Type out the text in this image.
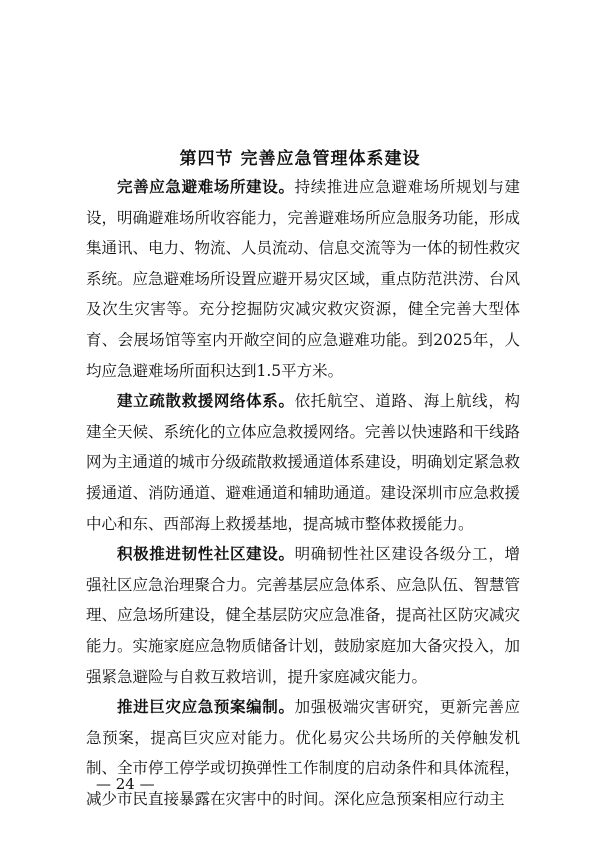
第四节 完善应急管理体系建设

完善应急避难场所建设。持续推进应急避难场所规划与建设，明确避难场所收容能力，完善避难场所应急服务功能，形成集通讯、电力、物流、人员流动、信息交流等为一体的韧性救灾系统。应急避难场所设置应避开易灾区域，重点防范洪涝、台风及次生灾害等。充分挖掘防灾减灾救灾资源，健全完善大型体育、会展场馆等室内开敞空间的应急避难功能。到2025年，人均应急避难场所面积达到1.5平方米。

建立疏散救援网络体系。依托航空、道路、海上航线，构建全天候、系统化的立体应急救援网络。完善以快速路和干线路网为主通道的城市分级疏散救援通道体系建设，明确划定紧急救援通道、消防通道、避难通道和辅助通道。建设深圳市应急救援中心和东、西部海上救援基地，提高城市整体救援能力。

积极推进韧性社区建设。明确韧性社区建设各级分工，增强社区应急治理聚合力。完善基层应急体系、应急队伍、智慧管理、应急场所建设，健全基层防灾应急准备，提高社区防灾减灾能力。实施家庭应急物质储备计划，鼓励家庭加大备灾投入，加强紧急避险与自救互救培训，提升家庭减灾能力。

推进巨灾应急预案编制。加强极端灾害研究，更新完善应急预案，提高巨灾应对能力。优化易灾公共场所的关停触发机制、全市停工停学或切换弹性工作制度的启动条件和具体流程，减少市民直接暴露在灾害中的时间。深化应急预案相应行动主

— 24 —
